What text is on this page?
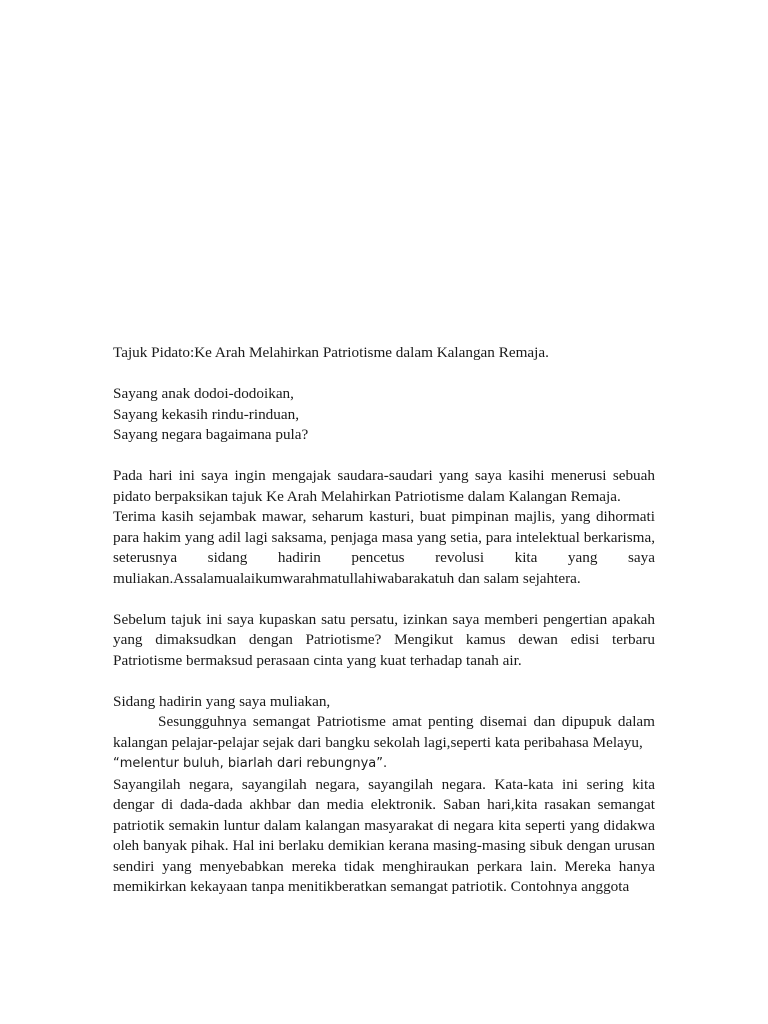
Tajuk Pidato:Ke Arah Melahirkan Patriotisme dalam Kalangan Remaja.
Sayang anak dodoi-dodoikan,
Sayang kekasih rindu-rinduan,
Sayang negara bagaimana pula?

Pada hari ini saya ingin mengajak saudara-saudari yang saya kasihi menerusi sebuah pidato berpaksikan tajuk Ke Arah Melahirkan Patriotisme dalam Kalangan Remaja.

Terima kasih sejambak mawar, seharum kasturi, buat pimpinan majlis, yang dihormati para hakim yang adil lagi saksama, penjaga masa yang setia, para intelektual berkarisma, seterusnya sidang hadirin pencetus revolusi kita yang saya

muliakan.Assalamualaikumwarahmatullahiwabarakatuh dan salam sejahtera.

Sebelum tajuk ini saya kupaskan satu persatu, izinkan saya memberi pengertian apakah yang dimaksudkan dengan Patriotisme? Mengikut kamus dewan edisi terbaru Patriotisme bermaksud perasaan cinta yang kuat terhadap tanah air.

Sidang hadirin yang saya muliakan,

Sesungguhnya semangat Patriotisme amat penting disemai dan dipupuk dalam kalangan pelajar-pelajar sejak dari bangku sekolah lagi,seperti kata peribahasa Melayu,

“melentur buluh, biarlah dari rebungnya”.

Sayangilah negara, sayangilah negara, sayangilah negara. Kata-kata ini sering kita dengar di dada-dada akhbar dan media elektronik. Saban hari,kita rasakan semangat patriotik semakin luntur dalam kalangan masyarakat di negara kita seperti yang didakwa oleh banyak pihak. Hal ini berlaku demikian kerana masing-masing sibuk dengan urusan sendiri yang menyebabkan mereka tidak menghiraukan perkara lain. Mereka hanya memikirkan kekayaan tanpa menitikberatkan semangat patriotik. Contohnya anggota
